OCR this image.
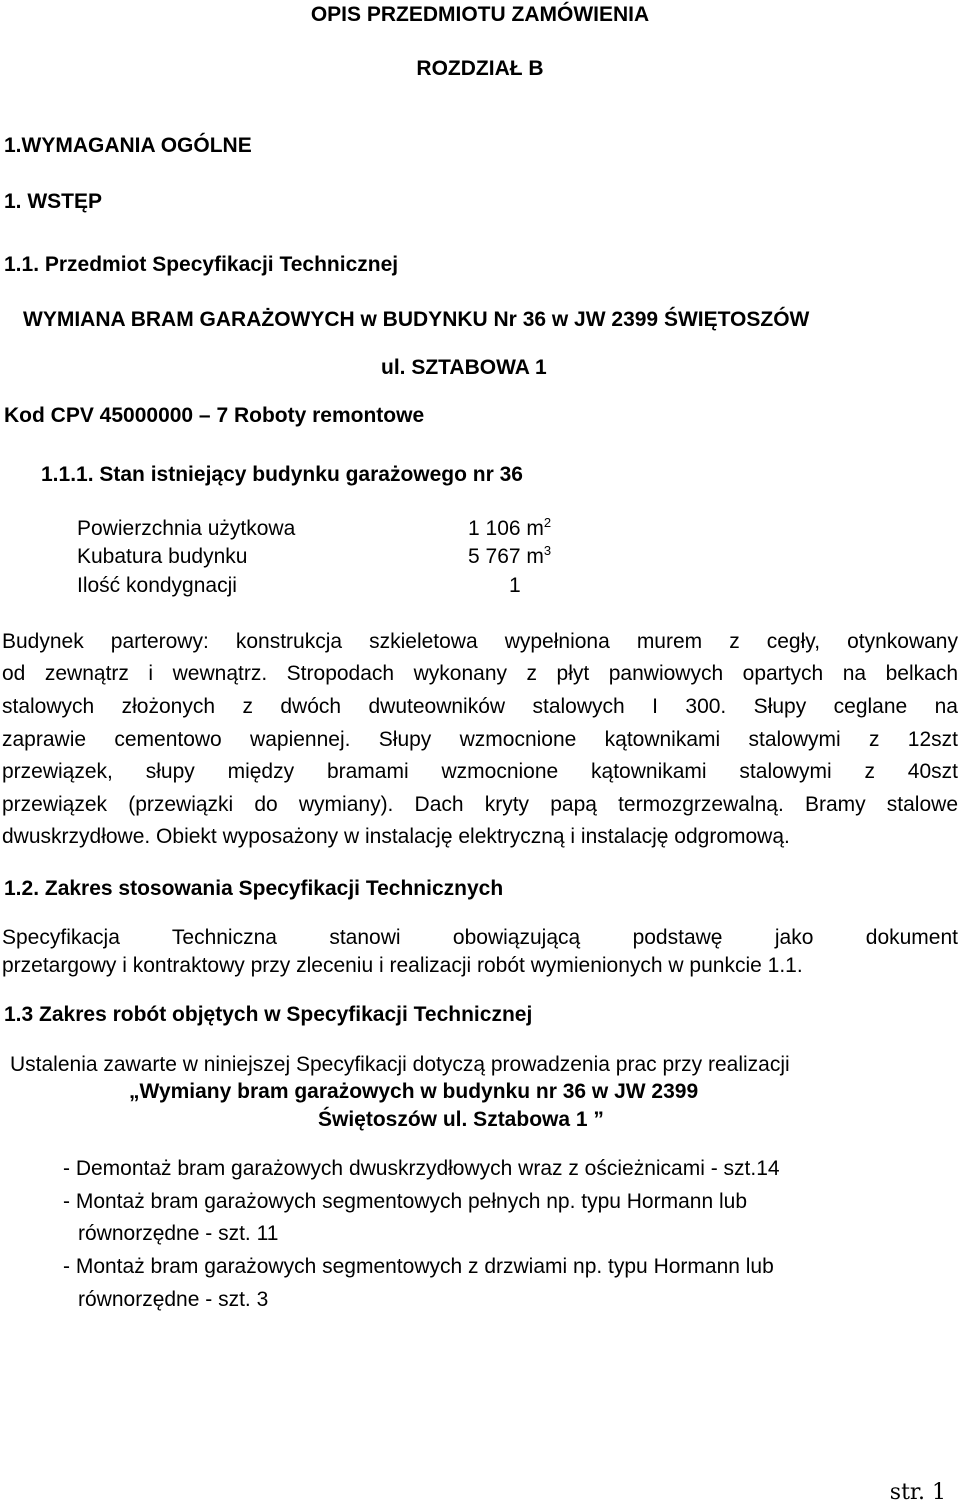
OPIS PRZEDMIOTU ZAMÓWIENIA
ROZDZIAŁ B
1.WYMAGANIA OGÓLNE
1. WSTĘP
1.1. Przedmiot Specyfikacji Technicznej
WYMIANA BRAM GARAŻOWYCH w BUDYNKU Nr 36 w JW 2399 ŚWIĘTOSZÓW
ul. SZTABOWA 1
Kod CPV 45000000 – 7 Roboty remontowe
1.1.1. Stan istniejący budynku garażowego nr 36
Powierzchnia użytkowa	1 106 $m^2$
Kubatura budynku	5 767 $m^3$
Ilość kondygnacji	1
Budynek parterowy: konstrukcja szkieletowa wypełniona murem z cegły, otynkowany
od zewnątrz i wewnątrz. Stropodach wykonany z płyt panwiowych opartych na belkach
stalowych złożonych z dwóch dwuteowników stalowych I 300. Słupy ceglane na
zaprawie cementowo wapiennej. Słupy wzmocnione kątownikami stalowymi z 12szt
przewiązek, słupy między bramami wzmocnione kątownikami stalowymi z 40szt
przewiązek (przewiązki do wymiany). Dach kryty papą termozgrzewalną. Bramy stalowe
dwuskrzydłowe. Obiekt wyposażony w instalację elektryczną i instalację odgromową.
1.2. Zakres stosowania Specyfikacji Technicznych
Specyfikacja Techniczna stanowi obowiązującą podstawę jako dokument
przetargowy i kontraktowy przy zleceniu i realizacji robót wymienionych w punkcie 1.1.
1.3 Zakres robót objętych w Specyfikacji Technicznej
Ustalenia zawarte w niniejszej Specyfikacji dotyczą prowadzenia prac przy realizacji
„Wymiany bram garażowych w budynku nr 36 w JW 2399
Świętoszów ul. Sztabowa 1 ”
- Demontaż bram garażowych dwuskrzydłowych wraz z ościeżnicami - szt.14
- Montaż bram garażowych segmentowych pełnych np. typu Hormann lub
równorzędne - szt. 11
- Montaż bram garażowych segmentowych z drzwiami np. typu Hormann lub
równorzędne - szt. 3
str. 1
